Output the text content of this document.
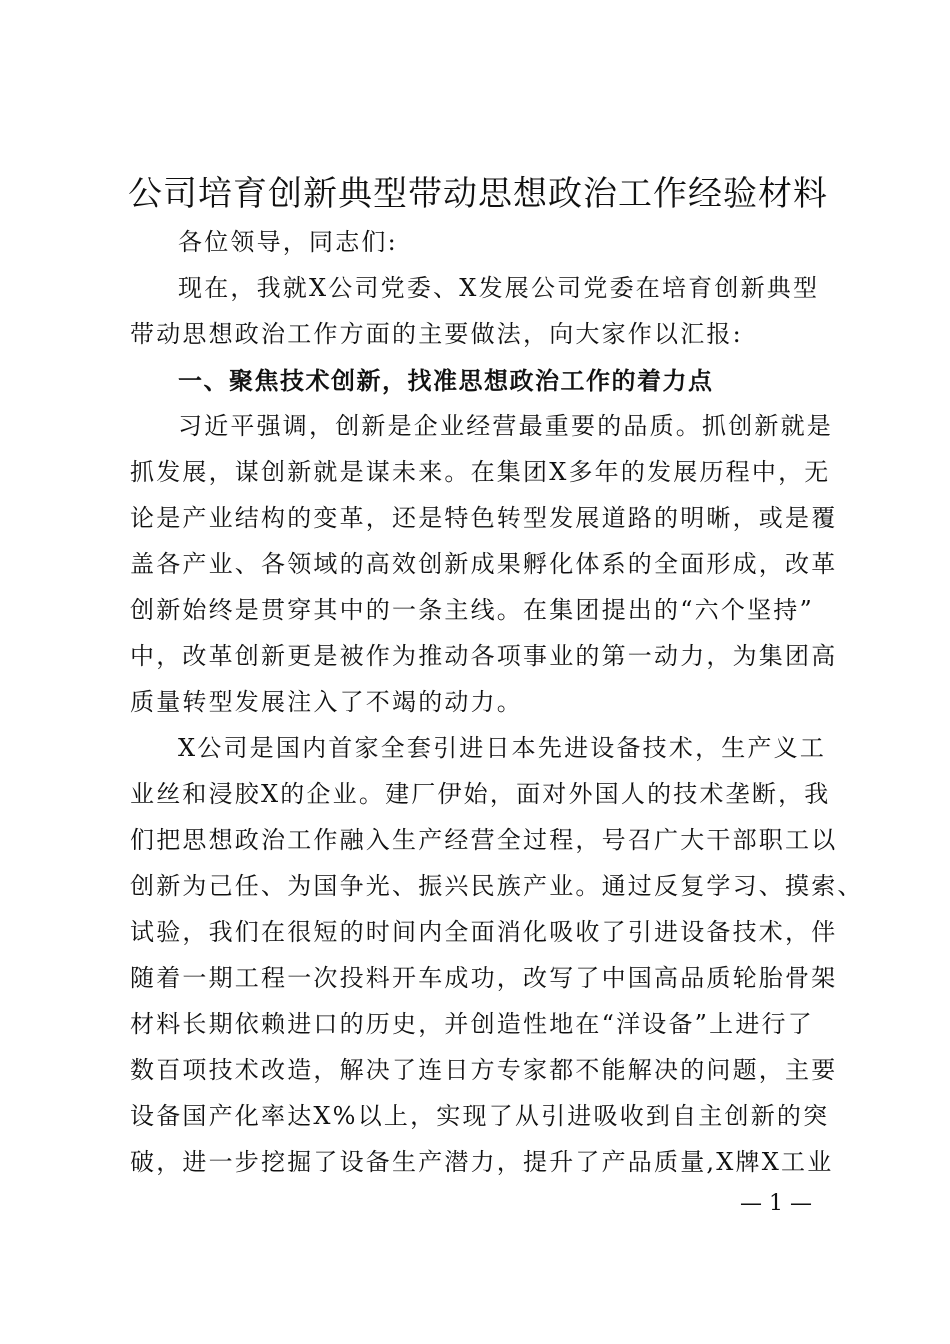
公司培育创新典型带动思想政治工作经验材料

各位领导，同志们:

现在，我就X公司党委、X发展公司党委在培育创新典型

带动思想政治工作方面的主要做法，向大家作以汇报:

一、聚焦技术创新，找准思想政治工作的着力点

习近平强调，创新是企业经营最重要的品质。抓创新就是

抓发展，谋创新就是谋未来。在集团X多年的发展历程中，无

论是产业结构的变革，还是特色转型发展道路的明晰，或是覆

盖各产业、各领域的高效创新成果孵化体系的全面形成，改革

创新始终是贯穿其中的一条主线。在集团提出的“六个坚持”

中，改革创新更是被作为推动各项事业的第一动力，为集团高

质量转型发展注入了不竭的动力。

X公司是国内首家全套引进日本先进设备技术，生产义工

业丝和浸胶X的企业。建厂伊始，面对外国人的技术垄断，我

们把思想政治工作融入生产经营全过程，号召广大干部职工以

创新为己任、为国争光、振兴民族产业。通过反复学习、摸索、

试验，我们在很短的时间内全面消化吸收了引进设备技术，伴

随着一期工程一次投料开车成功，改写了中国高品质轮胎骨架

材料长期依赖进口的历史，并创造性地在“洋设备”上进行了

数百项技术改造，解决了连日方专家都不能解决的问题，主要

设备国产化率达X%以上，实现了从引进吸收到自主创新的突

破，进一步挖掘了设备生产潜力，提升了产品质量,X牌X工业

— 1 —
